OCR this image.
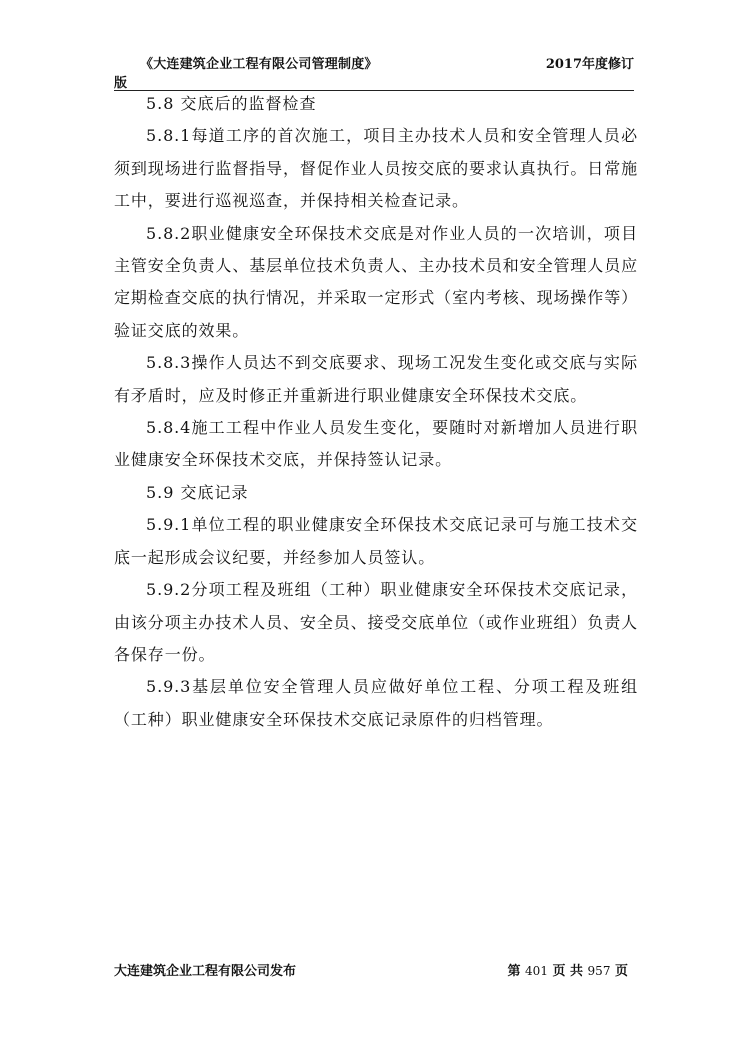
《大连建筑企业工程有限公司管理制度》	2017年度修订
版

5.8 交底后的监督检查

5.8.1每道工序的首次施工，项目主办技术人员和安全管理人员必须到现场进行监督指导，督促作业人员按交底的要求认真执行。日常施工中，要进行巡视巡查，并保持相关检查记录。

5.8.2职业健康安全环保技术交底是对作业人员的一次培训，项目主管安全负责人、基层单位技术负责人、主办技术员和安全管理人员应定期检查交底的执行情况，并采取一定形式（室内考核、现场操作等）验证交底的效果。

5.8.3操作人员达不到交底要求、现场工况发生变化或交底与实际有矛盾时，应及时修正并重新进行职业健康安全环保技术交底。

5.8.4施工工程中作业人员发生变化，要随时对新增加人员进行职业健康安全环保技术交底，并保持签认记录。

5.9 交底记录

5.9.1单位工程的职业健康安全环保技术交底记录可与施工技术交底一起形成会议纪要，并经参加人员签认。

5.9.2分项工程及班组（工种）职业健康安全环保技术交底记录，由该分项主办技术人员、安全员、接受交底单位（或作业班组）负责人各保存一份。

5.9.3基层单位安全管理人员应做好单位工程、分项工程及班组（工种）职业健康安全环保技术交底记录原件的归档管理。

大连建筑企业工程有限公司发布	第 401 页 共 957 页
